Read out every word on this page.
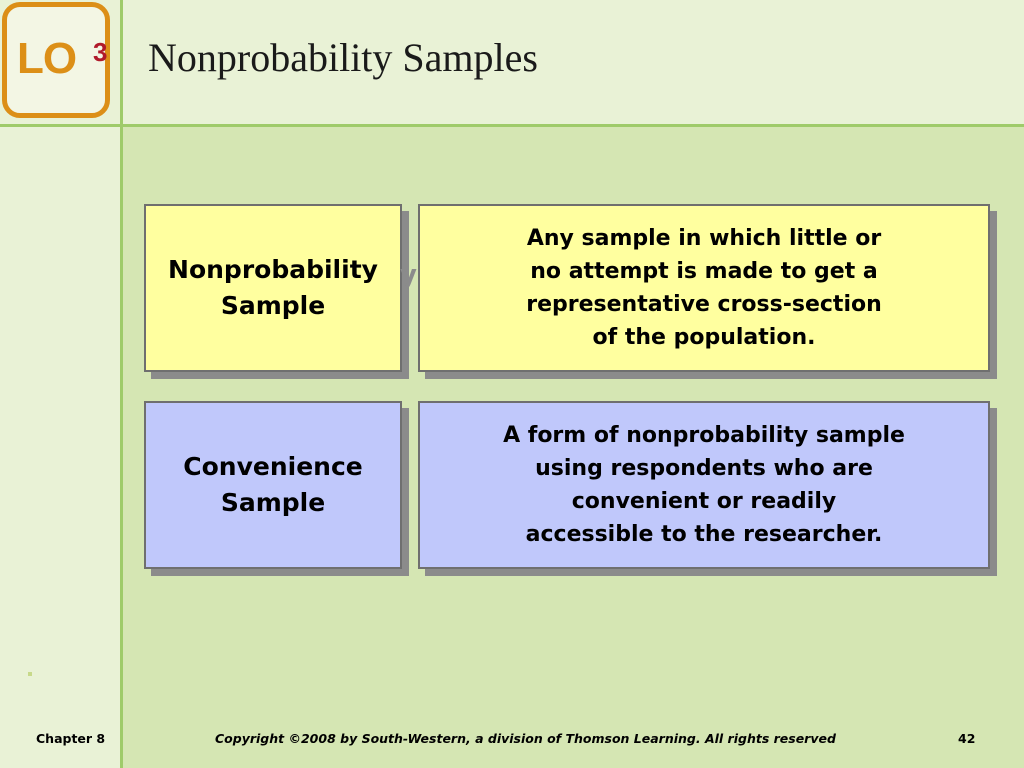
LO 3 Nonprobability Samples
Nonprobability
Sample
y
Any sample in which little or
no attempt is made to get a
representative cross-section
of the population.
Convenience
Sample
A form of nonprobability sample
using respondents who are
convenient or readily
accessible to the researcher.
Chapter 8	Copyright ©2008 by South-Western, a division of Thomson Learning. All rights reserved	42
